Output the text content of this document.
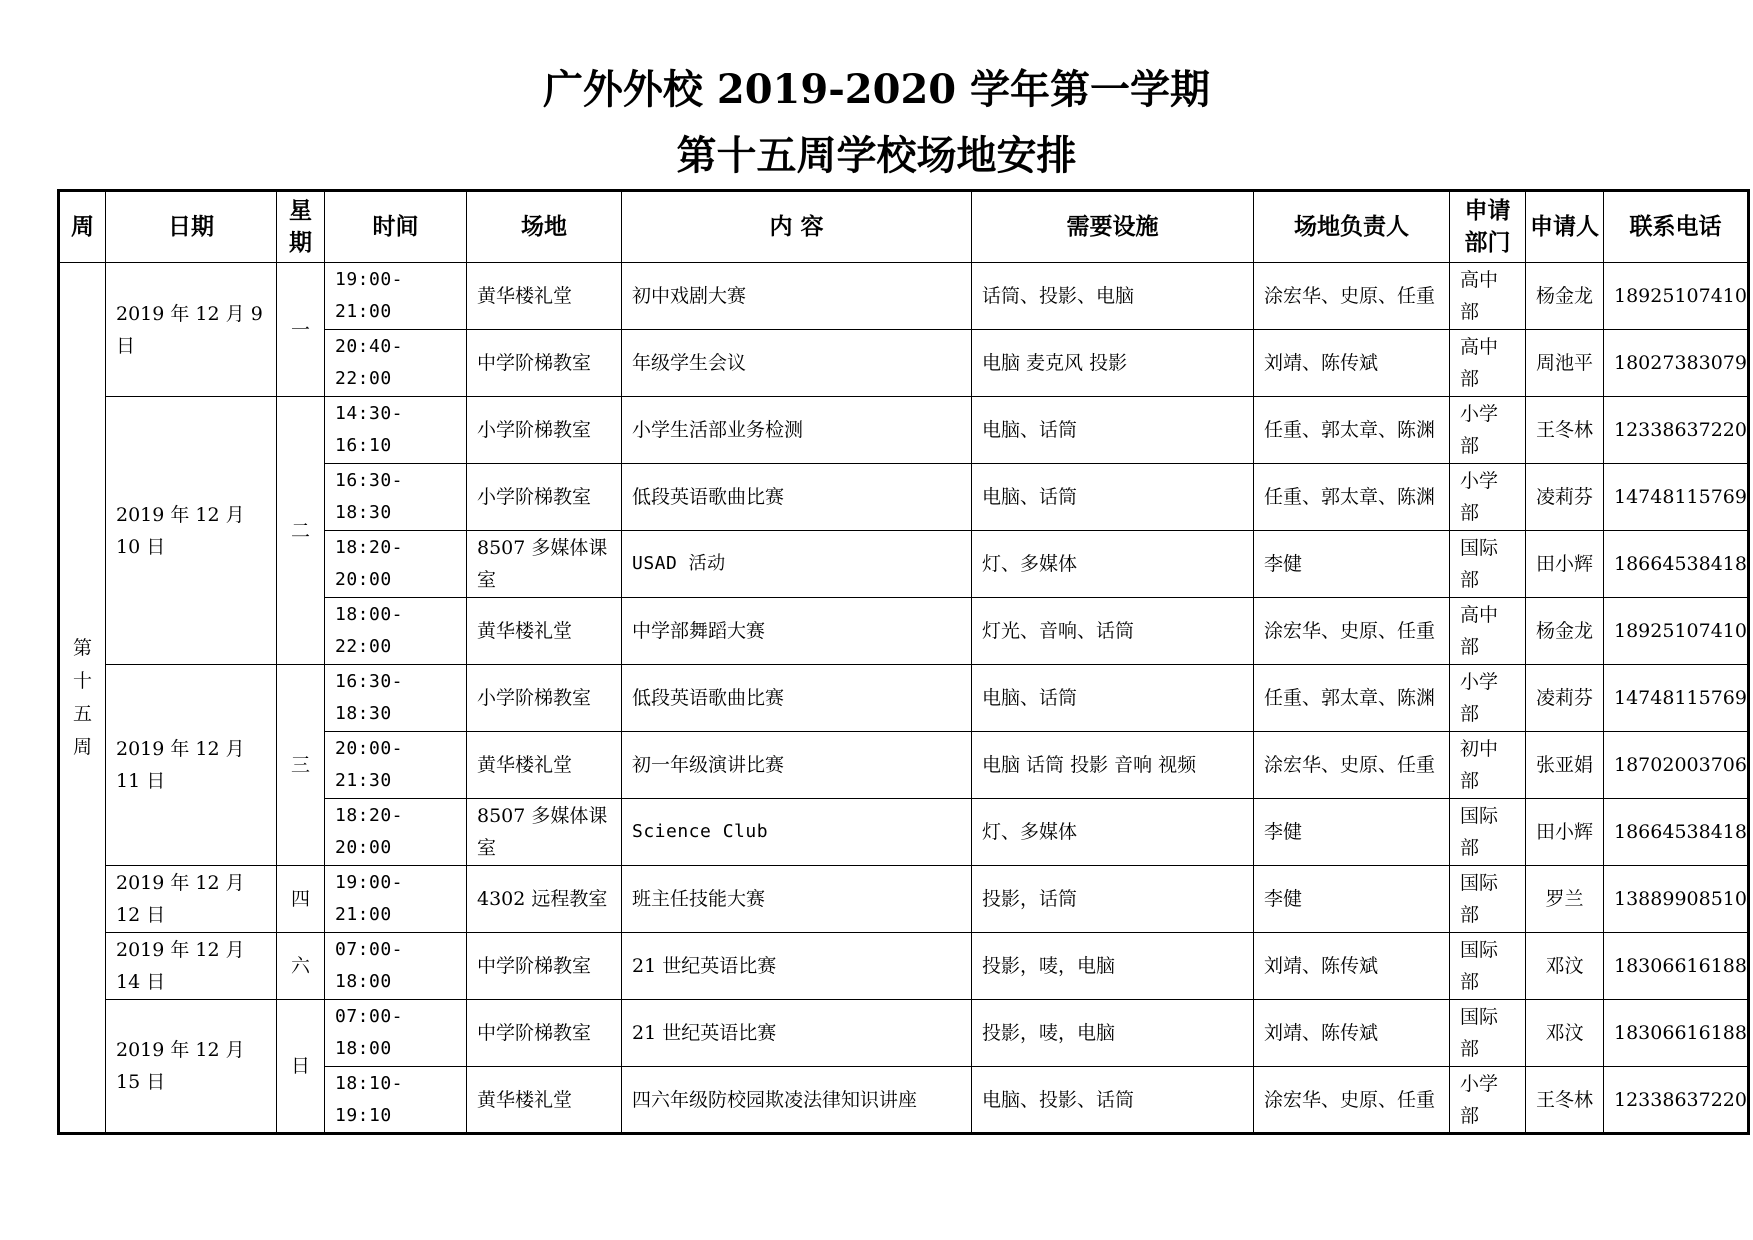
广外外校 2019-2020 学年第一学期
第十五周学校场地安排
周	日期	星期	时间	场地	内 容	需要设施	场地负责人	申请部门	申请人	联系电话
第十五周	2019 年 12 月 9 日	一	19:00-21:00	黄华楼礼堂	初中戏剧大赛	话筒、投影、电脑	涂宏华、史原、任重	高中部	杨金龙	18925107410
			20:40-22:00	中学阶梯教室	年级学生会议	电脑 麦克风 投影	刘靖、陈传斌	高中部	周池平	18027383079
	2019 年 12 月 10 日	二	14:30-16:10	小学阶梯教室	小学生活部业务检测	电脑、话筒	任重、郭太章、陈渊	小学部	王冬林	12338637220
			16:30-18:30	小学阶梯教室	低段英语歌曲比赛	电脑、话筒	任重、郭太章、陈渊	小学部	凌莉芬	14748115769
			18:20-20:00	8507 多媒体课室	USAD 活动	灯、多媒体	李健	国际部	田小辉	18664538418
			18:00-22:00	黄华楼礼堂	中学部舞蹈大赛	灯光、音响、话筒	涂宏华、史原、任重	高中部	杨金龙	18925107410
	2019 年 12 月 11 日	三	16:30-18:30	小学阶梯教室	低段英语歌曲比赛	电脑、话筒	任重、郭太章、陈渊	小学部	凌莉芬	14748115769
			20:00-21:30	黄华楼礼堂	初一年级演讲比赛	电脑 话筒 投影 音响 视频	涂宏华、史原、任重	初中部	张亚娟	18702003706
			18:20-20:00	8507 多媒体课室	Science Club	灯、多媒体	李健	国际部	田小辉	18664538418
	2019 年 12 月 12 日	四	19:00-21:00	4302 远程教室	班主任技能大赛	投影，话筒	李健	国际部	罗兰	13889908510
	2019 年 12 月 14 日	六	07:00-18:00	中学阶梯教室	21 世纪英语比赛	投影，唛，电脑	刘靖、陈传斌	国际部	邓汶	18306616188
	2019 年 12 月 15 日	日	07:00-18:00	中学阶梯教室	21 世纪英语比赛	投影，唛，电脑	刘靖、陈传斌	国际部	邓汶	18306616188
			18:10-19:10	黄华楼礼堂	四六年级防校园欺凌法律知识讲座	电脑、投影、话筒	涂宏华、史原、任重	小学部	王冬林	12338637220
